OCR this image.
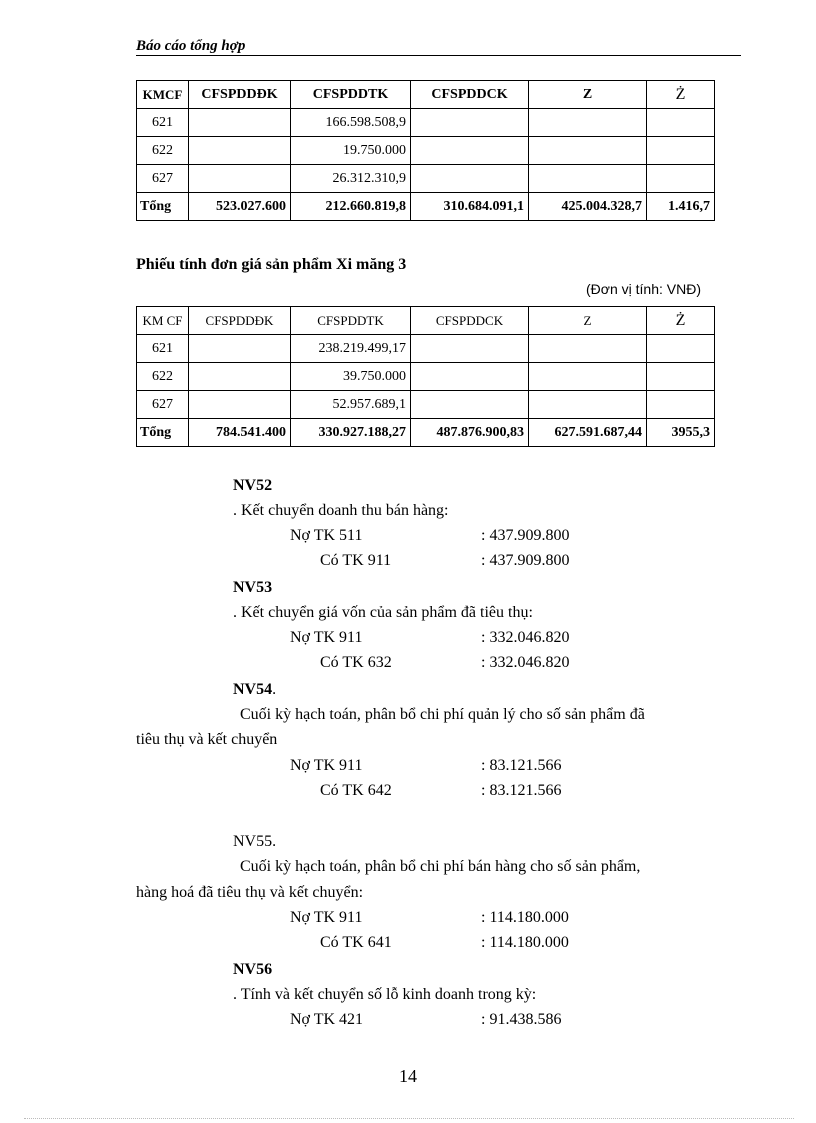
Báo cáo tổng hợp
KMCF	CFSPDDĐK	CFSPDDTK	CFSPDDCK	Z	Ż
621		166.598.508,9			
622		19.750.000			
627		26.312.310,9			
Tổng	523.027.600	212.660.819,8	310.684.091,1	425.004.328,7	1.416,7
Phiếu tính đơn giá sản phẩm Xi măng 3
(Đơn vị tính: VNĐ)
KM CF	CFSPDDĐK	CFSPDDTK	CFSPDDCK	Z	Ż
621		238.219.499,17			
622		39.750.000			
627		52.957.689,1			
Tổng	784.541.400	330.927.188,27	487.876.900,83	627.591.687,44	3955,3
NV52
. Kết chuyển doanh thu bán hàng:
Nợ TK 511	: 437.909.800
Có TK 911	: 437.909.800
NV53
. Kết chuyển giá vốn của sản phẩm đã tiêu thụ:
Nợ TK 911	: 332.046.820
Có TK 632	: 332.046.820
NV54.
Cuối kỳ hạch toán, phân bổ chi phí quản lý cho số sản phẩm đã
tiêu thụ và kết chuyển
Nợ TK 911	: 83.121.566
Có TK 642	: 83.121.566
NV55.
Cuối kỳ hạch toán, phân bổ chi phí bán hàng cho số sản phẩm,
hàng hoá đã tiêu thụ và kết chuyển:
Nợ TK 911	: 114.180.000
Có TK 641	: 114.180.000
NV56
. Tính và kết chuyển số lỗ kinh doanh trong kỳ:
Nợ TK 421	: 91.438.586
14
